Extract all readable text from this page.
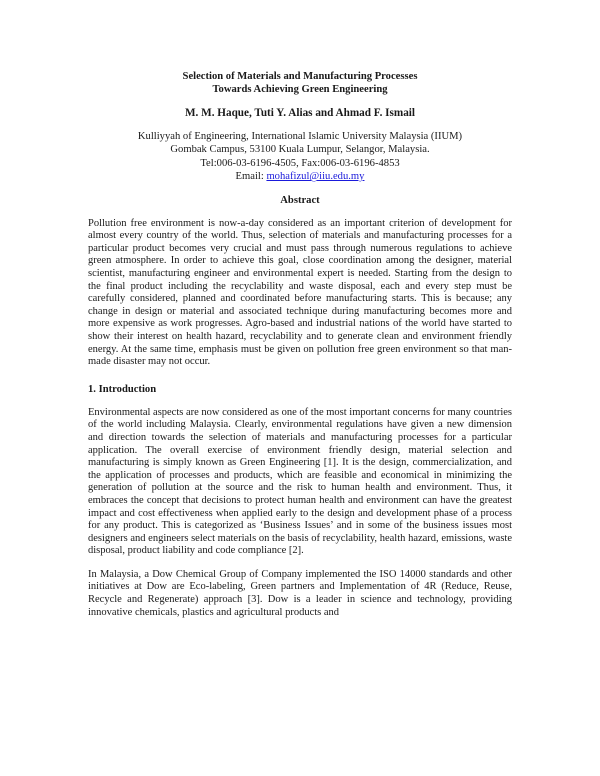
Selection of Materials and Manufacturing Processes
Towards Achieving Green Engineering
M. M. Haque, Tuti Y. Alias and Ahmad F. Ismail
Kulliyyah of Engineering, International Islamic University Malaysia (IIUM)
Gombak Campus, 53100 Kuala Lumpur, Selangor, Malaysia.
Tel:006-03-6196-4505, Fax:006-03-6196-4853
Email: mohafizul@iiu.edu.my
Abstract
Pollution free environment is now-a-day considered as an important criterion of development for almost every country of the world. Thus, selection of materials and manufacturing processes for a particular product becomes very crucial and must pass through numerous regulations to achieve green atmosphere. In order to achieve this goal, close coordination among the designer, material scientist, manufacturing engineer and environmental expert is needed. Starting from the design to the final product including the recyclability and waste disposal, each and every step must be carefully considered, planned and coordinated before manufacturing starts. This is because; any change in design or material and associated technique during manufacturing becomes more and more expensive as work progresses. Agro-based and industrial nations of the world have started to show their interest on health hazard, recyclability and to generate clean and environment friendly energy. At the same time, emphasis must be given on pollution free green environment so that man-made disaster may not occur.
1. Introduction
Environmental aspects are now considered as one of the most important concerns for many countries of the world including Malaysia. Clearly, environmental regulations have given a new dimension and direction towards the selection of materials and manufacturing processes for a particular application. The overall exercise of environment friendly design, material selection and manufacturing is simply known as Green Engineering [1]. It is the design, commercialization, and the application of processes and products, which are feasible and economical in minimizing the generation of pollution at the source and the risk to human health and environment. Thus, it embraces the concept that decisions to protect human health and environment can have the greatest impact and cost effectiveness when applied early to the design and development phase of a process for any product. This is categorized as ‘Business Issues’ and in some of the business issues most designers and engineers select materials on the basis of recyclability, health hazard, emissions, waste disposal, product liability and code compliance [2].
In Malaysia, a Dow Chemical Group of Company implemented the ISO 14000 standards and other initiatives at Dow are Eco-labeling, Green partners and Implementation of 4R (Reduce, Reuse, Recycle and Regenerate) approach [3]. Dow is a leader in science and technology, providing innovative chemicals, plastics and agricultural products and
